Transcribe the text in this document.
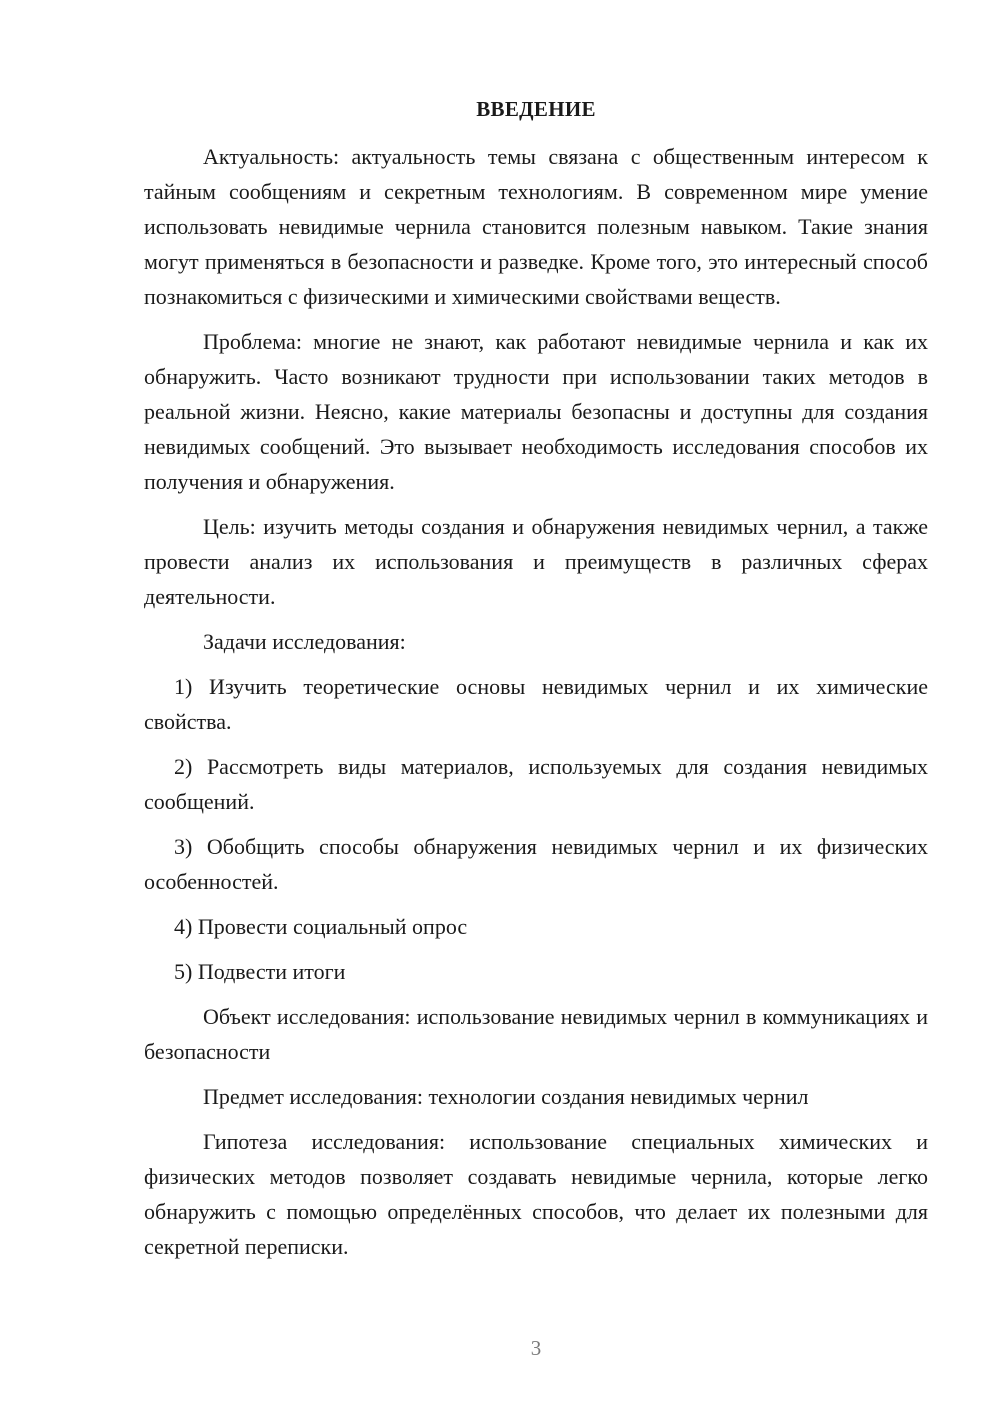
ВВЕДЕНИЕ

Актуальность: актуальность темы связана с общественным интересом к тайным сообщениям и секретным технологиям. В современном мире умение использовать невидимые чернила становится полезным навыком. Такие знания могут применяться в безопасности и разведке. Кроме того, это интересный способ познакомиться с физическими и химическими свойствами веществ.

Проблема: многие не знают, как работают невидимые чернила и как их обнаружить. Часто возникают трудности при использовании таких методов в реальной жизни. Неясно, какие материалы безопасны и доступны для создания невидимых сообщений. Это вызывает необходимость исследования способов их получения и обнаружения.

Цель: изучить методы создания и обнаружения невидимых чернил, а также провести анализ их использования и преимуществ в различных сферах деятельности.

Задачи исследования:

1) Изучить теоретические основы невидимых чернил и их химические свойства.

2) Рассмотреть виды материалов, используемых для создания невидимых сообщений.

3) Обобщить способы обнаружения невидимых чернил и их физических особенностей.

4) Провести социальный опрос

5) Подвести итоги

Объект исследования: использование невидимых чернил в коммуникациях и безопасности

Предмет исследования: технологии создания невидимых чернил

Гипотеза исследования: использование специальных химических и физических методов позволяет создавать невидимые чернила, которые легко обнаружить с помощью определённых способов, что делает их полезными для секретной переписки.

3
